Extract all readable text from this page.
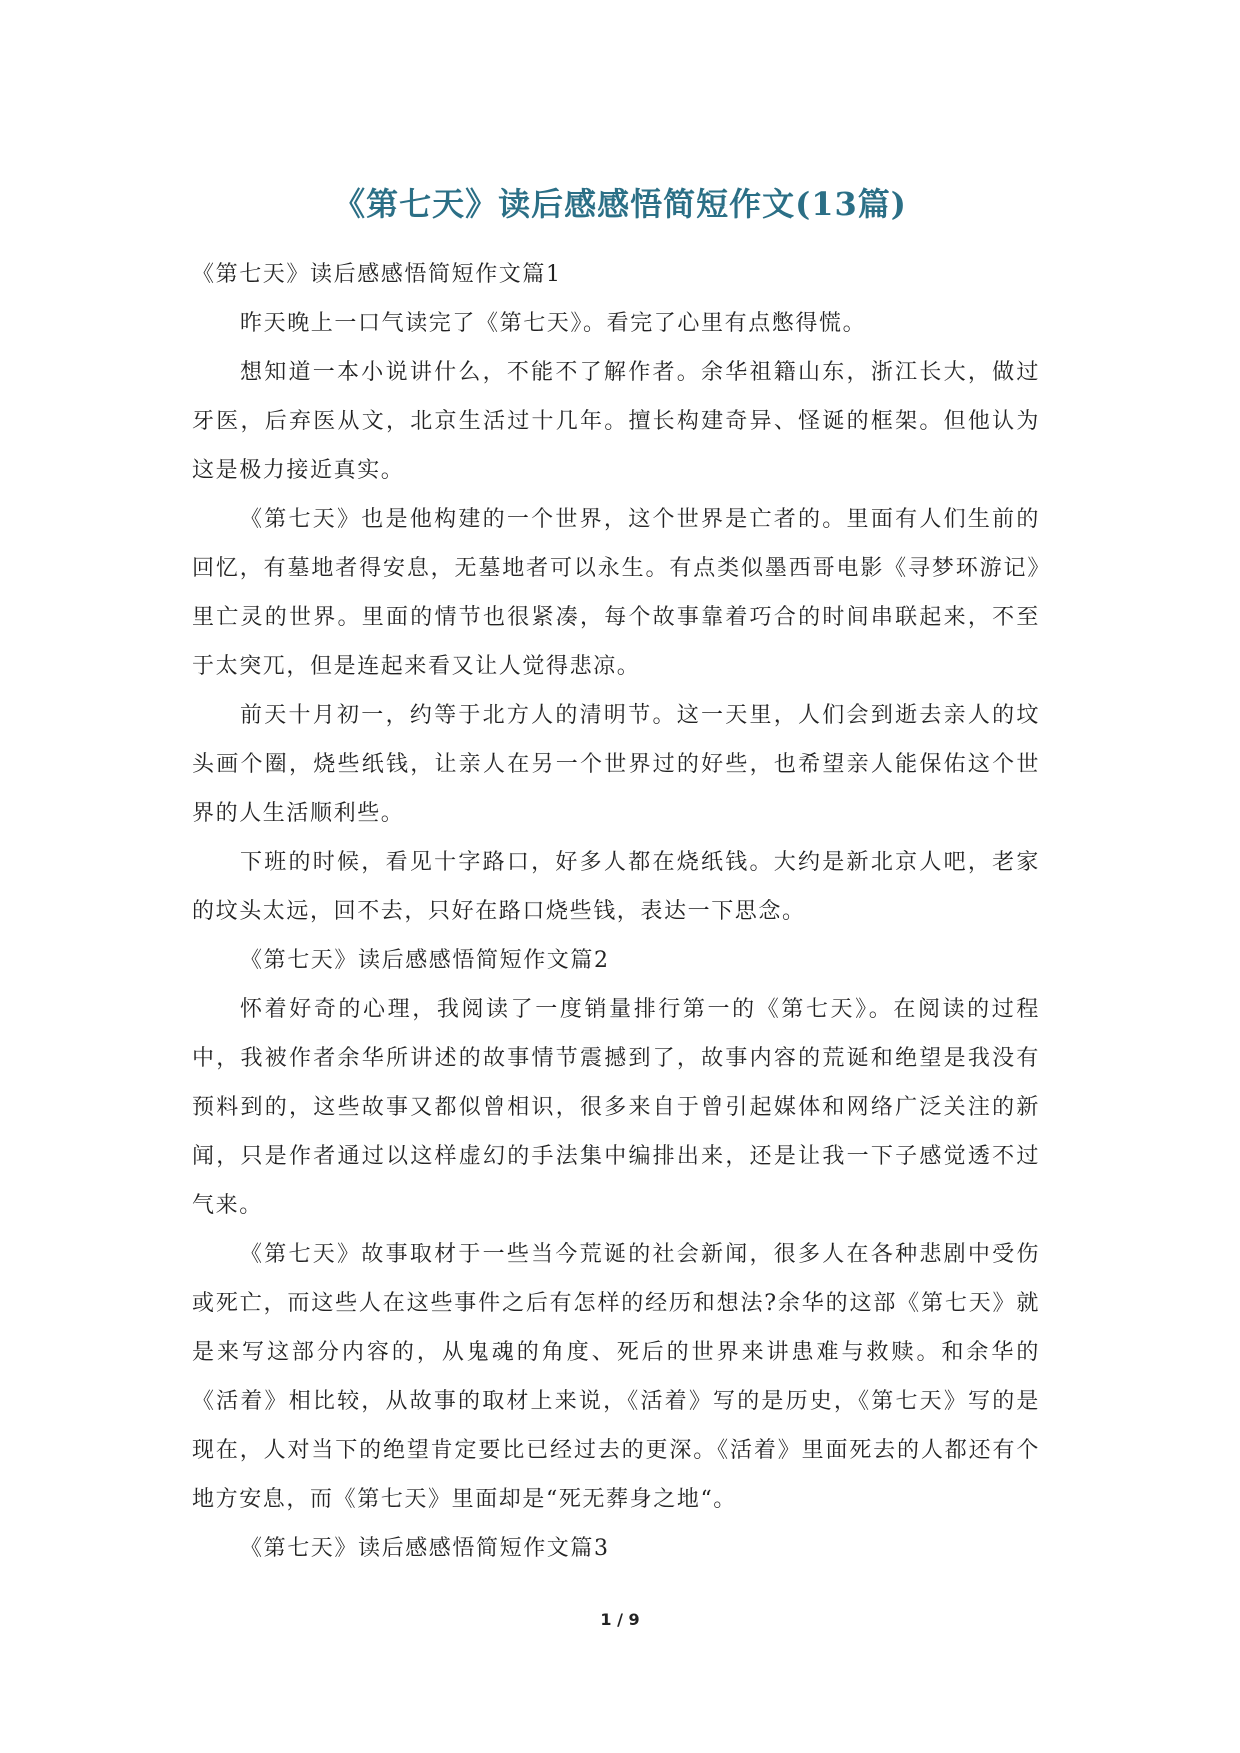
《第七天》读后感感悟简短作文(13篇)

《第七天》读后感感悟简短作文篇1

昨天晚上一口气读完了《第七天》。看完了心里有点憋得慌。

想知道一本小说讲什么，不能不了解作者。余华祖籍山东，浙江长大，做过牙医，后弃医从文，北京生活过十几年。擅长构建奇异、怪诞的框架。但他认为这是极力接近真实。

《第七天》也是他构建的一个世界，这个世界是亡者的。里面有人们生前的回忆，有墓地者得安息，无墓地者可以永生。有点类似墨西哥电影《寻梦环游记》里亡灵的世界。里面的情节也很紧凑，每个故事靠着巧合的时间串联起来，不至于太突兀，但是连起来看又让人觉得悲凉。

前天十月初一，约等于北方人的清明节。这一天里，人们会到逝去亲人的坟头画个圈，烧些纸钱，让亲人在另一个世界过的好些，也希望亲人能保佑这个世界的人生活顺利些。

下班的时候，看见十字路口，好多人都在烧纸钱。大约是新北京人吧，老家的坟头太远，回不去，只好在路口烧些钱，表达一下思念。

《第七天》读后感感悟简短作文篇2

怀着好奇的心理，我阅读了一度销量排行第一的《第七天》。在阅读的过程中，我被作者余华所讲述的故事情节震撼到了，故事内容的荒诞和绝望是我没有预料到的，这些故事又都似曾相识，很多来自于曾引起媒体和网络广泛关注的新闻，只是作者通过以这样虚幻的手法集中编排出来，还是让我一下子感觉透不过气来。

《第七天》故事取材于一些当今荒诞的社会新闻，很多人在各种悲剧中受伤或死亡，而这些人在这些事件之后有怎样的经历和想法?余华的这部《第七天》就是来写这部分内容的，从鬼魂的角度、死后的世界来讲患难与救赎。和余华的《活着》相比较，从故事的取材上来说，《活着》写的是历史，《第七天》写的是现在，人对当下的绝望肯定要比已经过去的更深。《活着》里面死去的人都还有个地方安息，而《第七天》里面却是“死无葬身之地“。

《第七天》读后感感悟简短作文篇3

1 / 9
